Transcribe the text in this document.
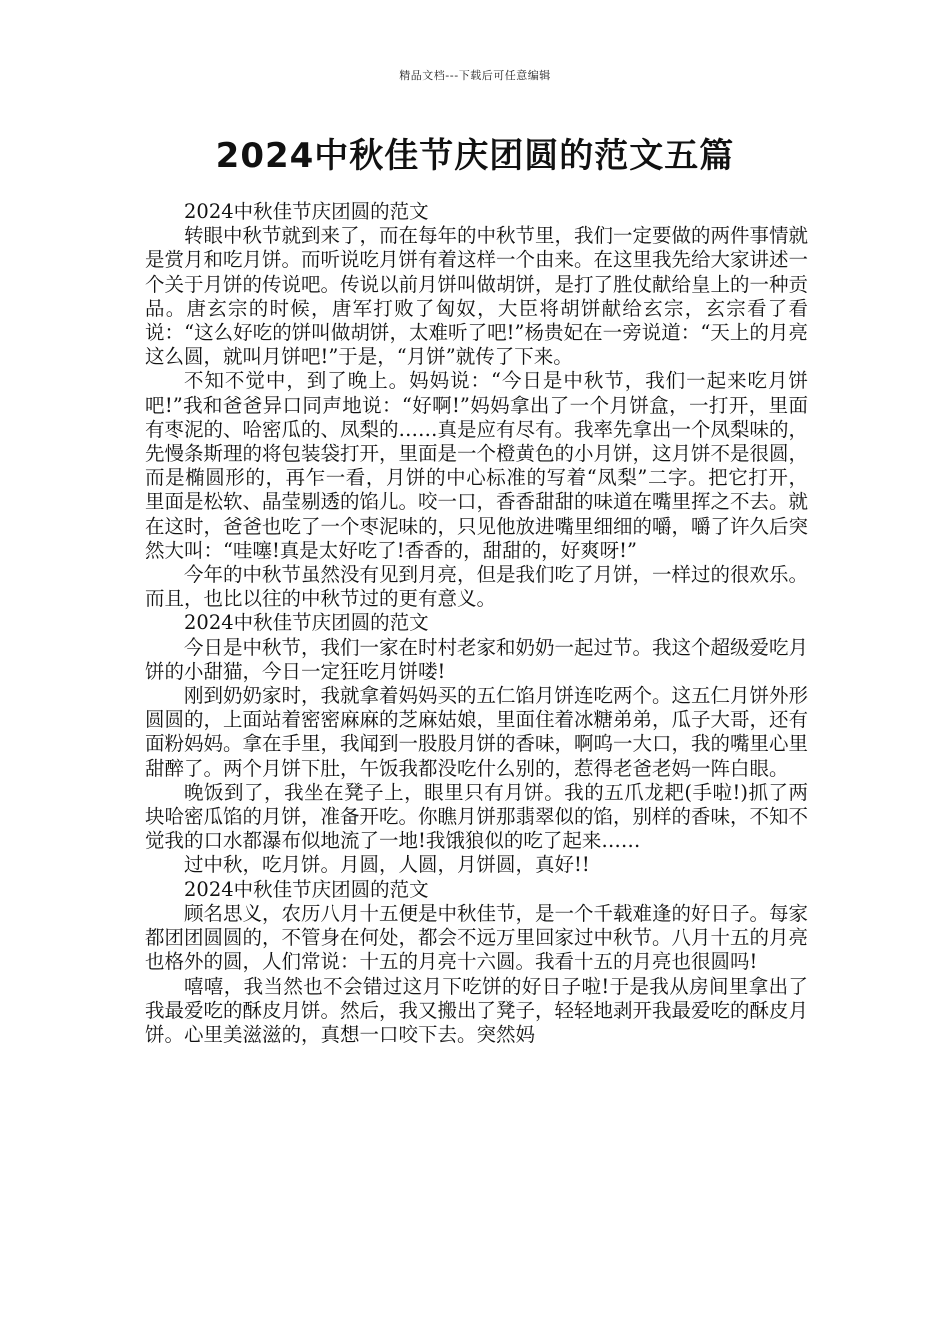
精品文档---下载后可任意编辑
2024中秋佳节庆团圆的范文五篇

2024中秋佳节庆团圆的范文

转眼中秋节就到来了，而在每年的中秋节里，我们一定要做的两件事情就是赏月和吃月饼。而听说吃月饼有着这样一个由来。在这里我先给大家讲述一个关于月饼的传说吧。传说以前月饼叫做胡饼，是打了胜仗献给皇上的一种贡品。唐玄宗的时候，唐军打败了匈奴，大臣将胡饼献给玄宗，玄宗看了看说：“这么好吃的饼叫做胡饼，太难听了吧!”杨贵妃在一旁说道：“天上的月亮这么圆，就叫月饼吧!”于是，“月饼”就传了下来。

不知不觉中，到了晚上。妈妈说：“今日是中秋节，我们一起来吃月饼吧!”我和爸爸异口同声地说：“好啊!”妈妈拿出了一个月饼盒，一打开，里面有枣泥的、哈密瓜的、凤梨的……真是应有尽有。我率先拿出一个凤梨味的，先慢条斯理的将包装袋打开，里面是一个橙黄色的小月饼，这月饼不是很圆，而是椭圆形的，再乍一看，月饼的中心标准的写着“凤梨”二字。把它打开，里面是松软、晶莹剔透的馅儿。咬一口，香香甜甜的味道在嘴里挥之不去。就在这时，爸爸也吃了一个枣泥味的，只见他放进嘴里细细的嚼，嚼了许久后突然大叫：“哇噻!真是太好吃了!香香的，甜甜的，好爽呀!”

今年的中秋节虽然没有见到月亮，但是我们吃了月饼，一样过的很欢乐。而且，也比以往的中秋节过的更有意义。

2024中秋佳节庆团圆的范文

今日是中秋节，我们一家在时村老家和奶奶一起过节。我这个超级爱吃月饼的小甜猫，今日一定狂吃月饼喽!

刚到奶奶家时，我就拿着妈妈买的五仁馅月饼连吃两个。这五仁月饼外形圆圆的，上面站着密密麻麻的芝麻姑娘，里面住着冰糖弟弟，瓜子大哥，还有面粉妈妈。拿在手里，我闻到一股股月饼的香味，啊呜一大口，我的嘴里心里甜醉了。两个月饼下肚，午饭我都没吃什么别的，惹得老爸老妈一阵白眼。

晚饭到了，我坐在凳子上，眼里只有月饼。我的五爪龙耙(手啦!)抓了两块哈密瓜馅的月饼，准备开吃。你瞧月饼那翡翠似的馅，别样的香味，不知不觉我的口水都瀑布似地流了一地!我饿狼似的吃了起来……

过中秋，吃月饼。月圆，人圆，月饼圆，真好!!

2024中秋佳节庆团圆的范文

顾名思义，农历八月十五便是中秋佳节，是一个千载难逢的好日子。每家都团团圆圆的，不管身在何处，都会不远万里回家过中秋节。八月十五的月亮也格外的圆，人们常说：十五的月亮十六圆。我看十五的月亮也很圆吗!

嘻嘻，我当然也不会错过这月下吃饼的好日子啦!于是我从房间里拿出了我最爱吃的酥皮月饼。然后，我又搬出了凳子，轻轻地剥开我最爱吃的酥皮月饼。心里美滋滋的，真想一口咬下去。突然妈
